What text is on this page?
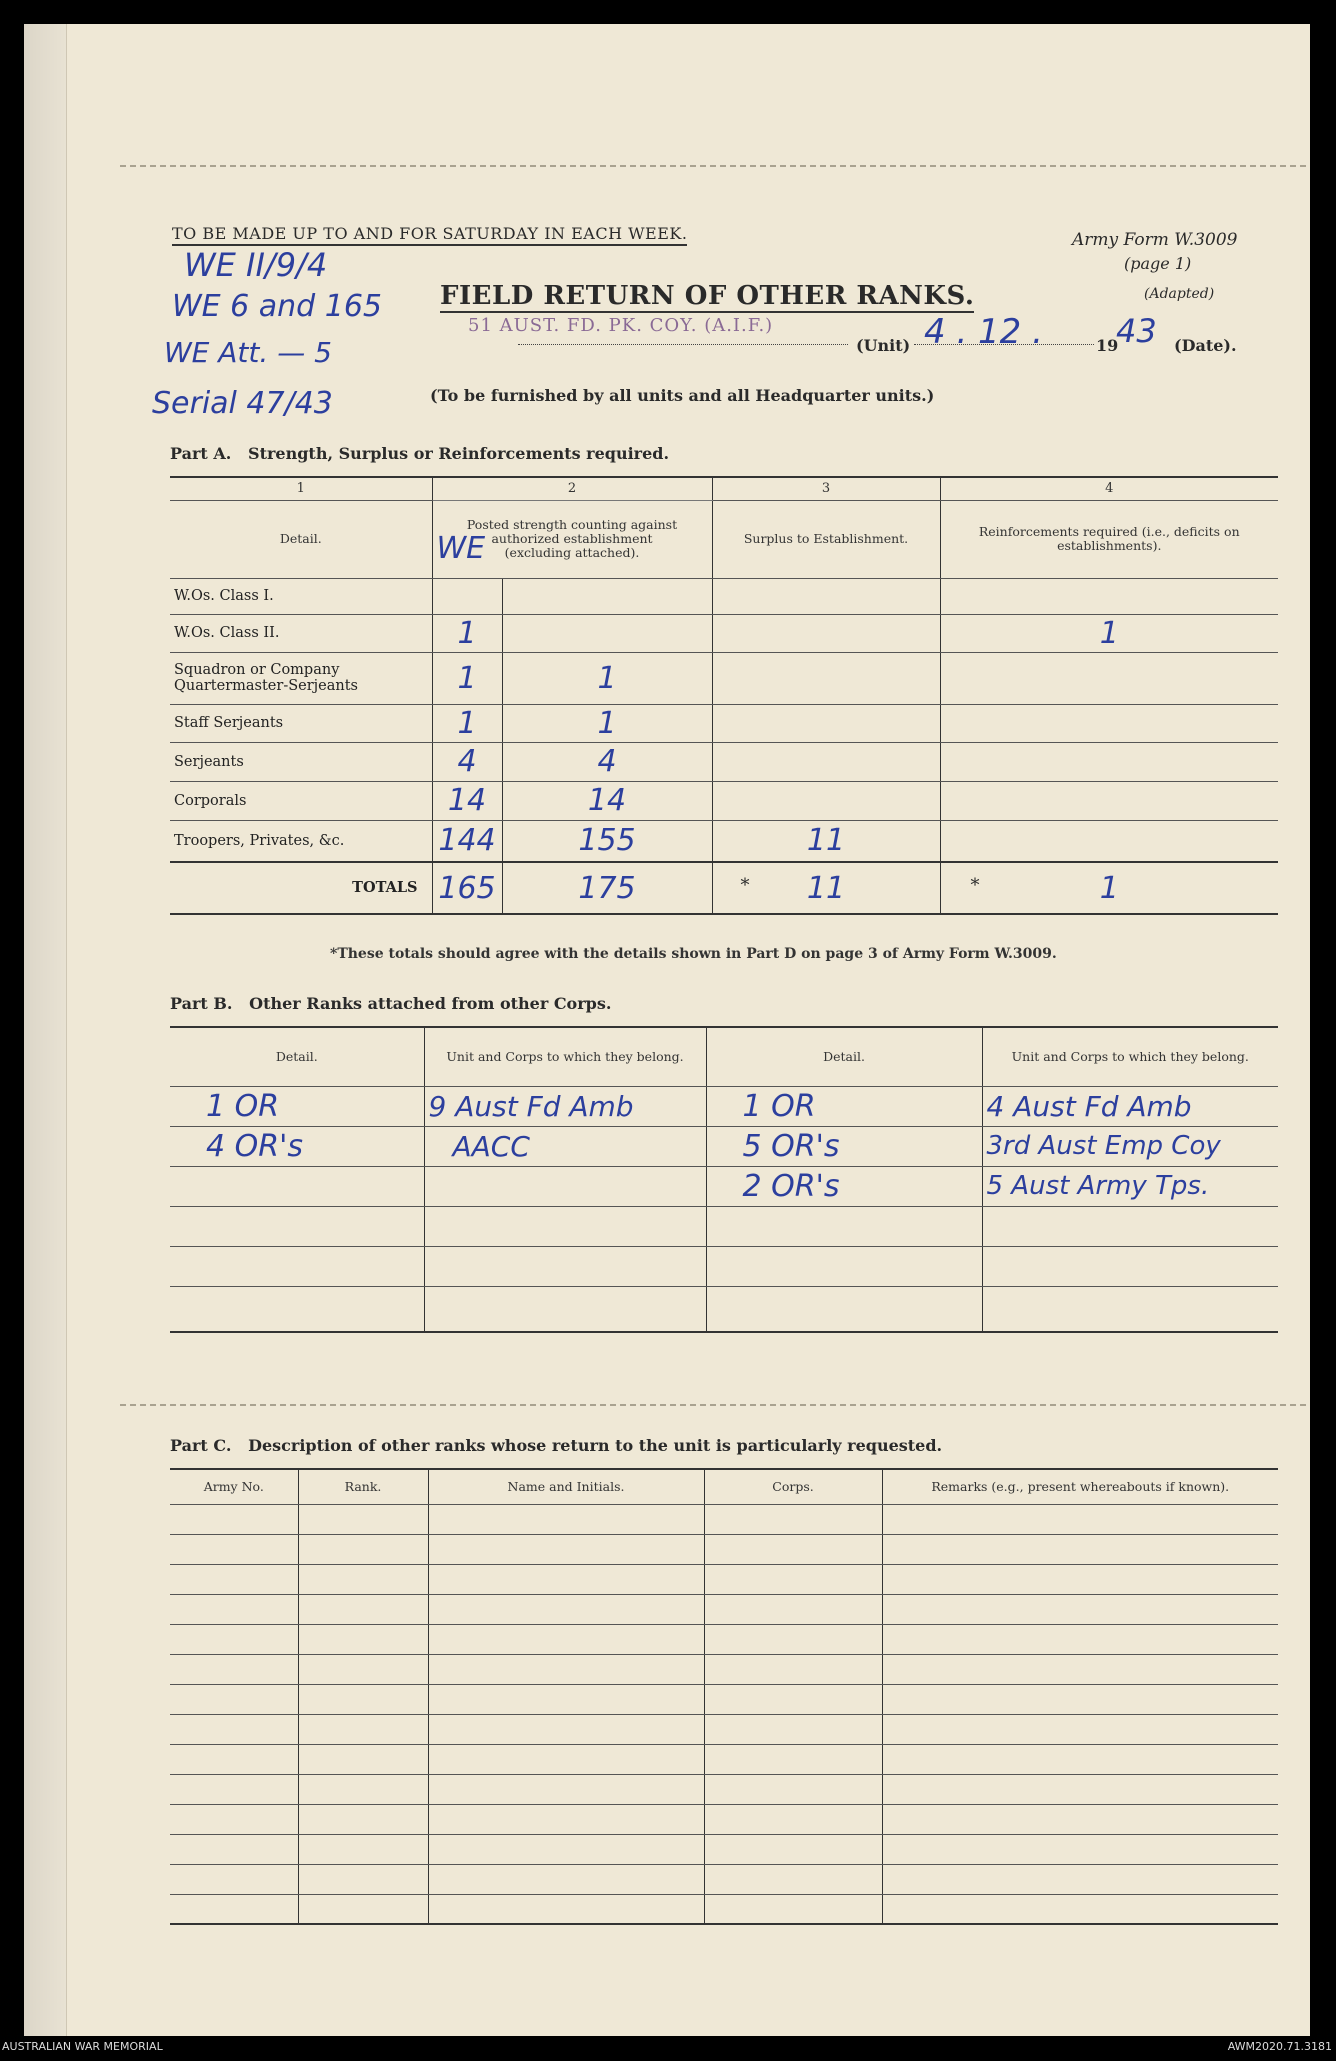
TO BE MADE UP TO AND FOR SATURDAY IN EACH WEEK.	Army Form W.3009
(page 1)
(Adapted)
FIELD RETURN OF OTHER RANKS.
51 AUST. FD. PK. COY. (A.I.F.)
(Unit) 4 . 12 .	19
43 (Date).
(To be furnished by all units and all Headquarter units.)
WE II/9/4
WE 6 and 165
WE Att. — 5
Serial 47/43
Part A.   Strength, Surplus or Reinforcements required.
1	2		3	4
Detail.	Posted strength counting against authorized establishment (excluding attached).
WE		Surplus to Establishment.	Reinforcements required (i.e., deficits on establishments).
W.Os. Class I.				
W.Os. Class II.	1			1
Squadron or Company Quartermaster-Serjeants	1	1		
Staff Serjeants	1	1		
Serjeants	4	4		
Corporals	14	14		
Troopers, Privates, &c.	144	155	11	
TOTALS	165	175	* 11	* 1
*These totals should agree with the details shown in Part D on page 3 of Army Form W.3009.
Part B.   Other Ranks attached from other Corps.
Detail.	Unit and Corps to which they belong.	Detail.	Unit and Corps to which they belong.
1 OR	9 Aust Fd Amb	1 OR	4 Aust Fd Amb
4 OR's	AACC	5 OR's	3rd Aust Emp Coy
		2 OR's	5 Aust Army Tps.

Part C.   Description of other ranks whose return to the unit is particularly requested.
Army No.	Rank.	Name and Initials.	Corps.	Remarks (e.g., present whereabouts if known).

AUSTRALIAN WAR MEMORIAL	AWM2020.71.3181
